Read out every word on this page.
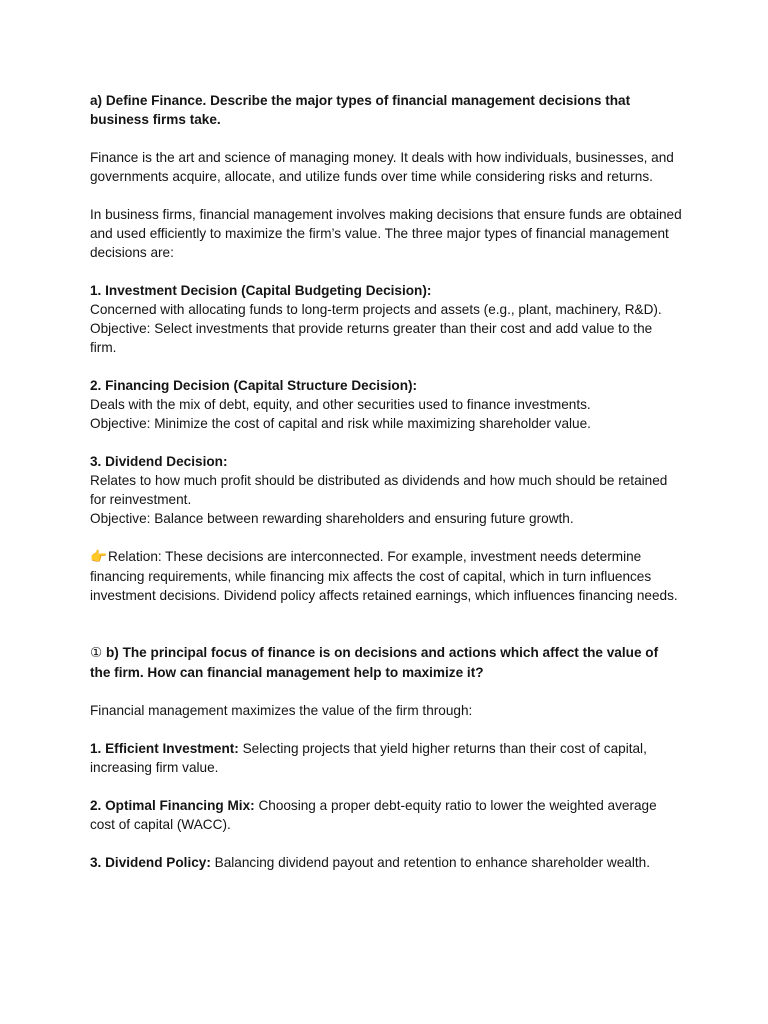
a) Define Finance. Describe the major types of financial management decisions that business firms take.

Finance is the art and science of managing money. It deals with how individuals, businesses, and governments acquire, allocate, and utilize funds over time while considering risks and returns.

In business firms, financial management involves making decisions that ensure funds are obtained and used efficiently to maximize the firm’s value. The three major types of financial management decisions are:

1. Investment Decision (Capital Budgeting Decision):

Concerned with allocating funds to long-term projects and assets (e.g., plant, machinery, R&D).

Objective: Select investments that provide returns greater than their cost and add value to the firm.

2. Financing Decision (Capital Structure Decision):

Deals with the mix of debt, equity, and other securities used to finance investments.

Objective: Minimize the cost of capital and risk while maximizing shareholder value.

3. Dividend Decision:

Relates to how much profit should be distributed as dividends and how much should be retained for reinvestment.

Objective: Balance between rewarding shareholders and ensuring future growth.

👉Relation: These decisions are interconnected. For example, investment needs determine financing requirements, while financing mix affects the cost of capital, which in turn influences investment decisions. Dividend policy affects retained earnings, which influences financing needs.

① b) The principal focus of finance is on decisions and actions which affect the value of the firm. How can financial management help to maximize it?

Financial management maximizes the value of the firm through:

1. Efficient Investment: Selecting projects that yield higher returns than their cost of capital, increasing firm value.

2. Optimal Financing Mix: Choosing a proper debt-equity ratio to lower the weighted average cost of capital (WACC).

3. Dividend Policy: Balancing dividend payout and retention to enhance shareholder wealth.
